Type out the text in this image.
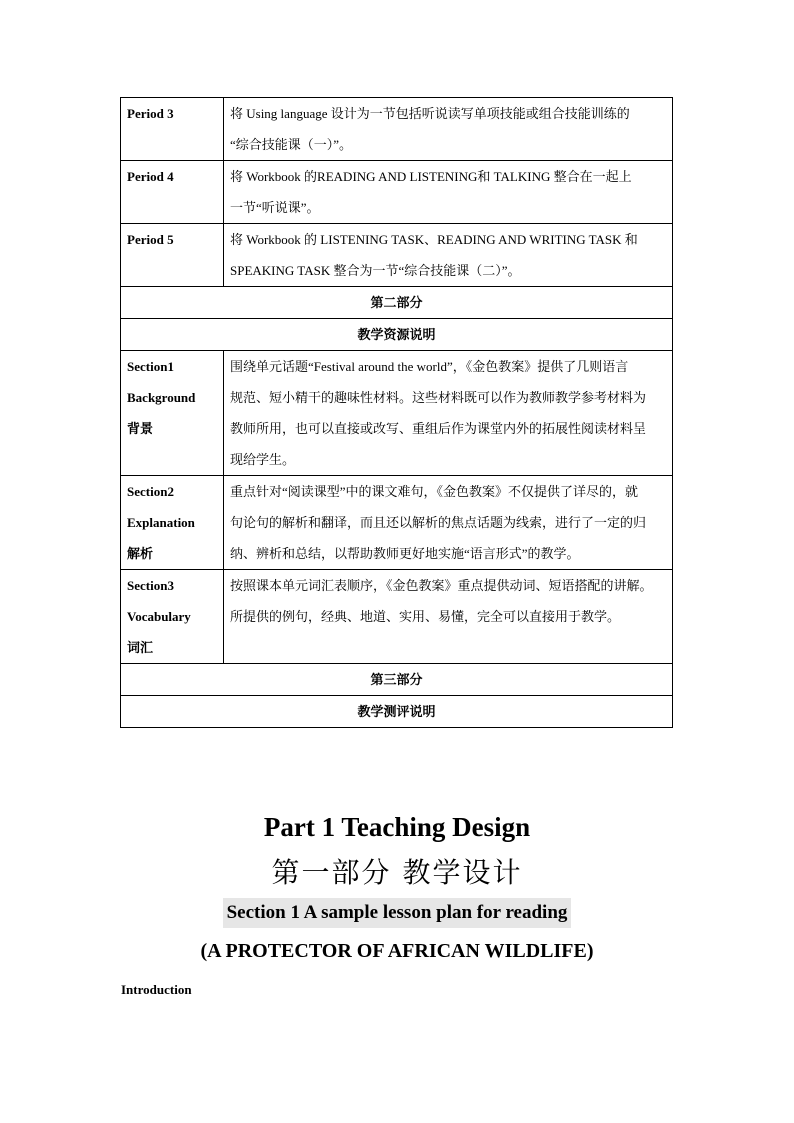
Period 3	将 Using language 设计为一节包括听说读写单项技能或组合技能训练的
“综合技能课（一）”。

Period 4	将 Workbook 的READING AND LISTENING和 TALKING 整合在一起上
一节“听说课”。

Period 5	将 Workbook 的 LISTENING TASK、READING AND WRITING TASK 和
SPEAKING TASK 整合为一节“综合技能课（二）”。

第二部分	
教学资源说明	

Section1
Background
背景	围绕单元话题“Festival around the world”，《金色教案》提供了几则语言
规范、短小精干的趣味性材料。这些材料既可以作为教师教学参考材料为
教师所用，也可以直接或改写、重组后作为课堂内外的拓展性阅读材料呈
现给学生。

Section2
Explanation
解析	重点针对“阅读课型”中的课文难句，《金色教案》不仅提供了详尽的，就
句论句的解析和翻译，而且还以解析的焦点话题为线索，进行了一定的归
纳、辨析和总结，以帮助教师更好地实施“语言形式”的教学。

Section3
Vocabulary
词汇	按照课本单元词汇表顺序，《金色教案》重点提供动词、短语搭配的讲解。
所提供的例句，经典、地道、实用、易懂，完全可以直接用于教学。

第三部分	
教学测评说明	
Part 1 Teaching Design
第一部分 教学设计
Section 1 A sample lesson plan for reading
(A PROTECTOR OF AFRICAN WILDLIFE)
Introduction
